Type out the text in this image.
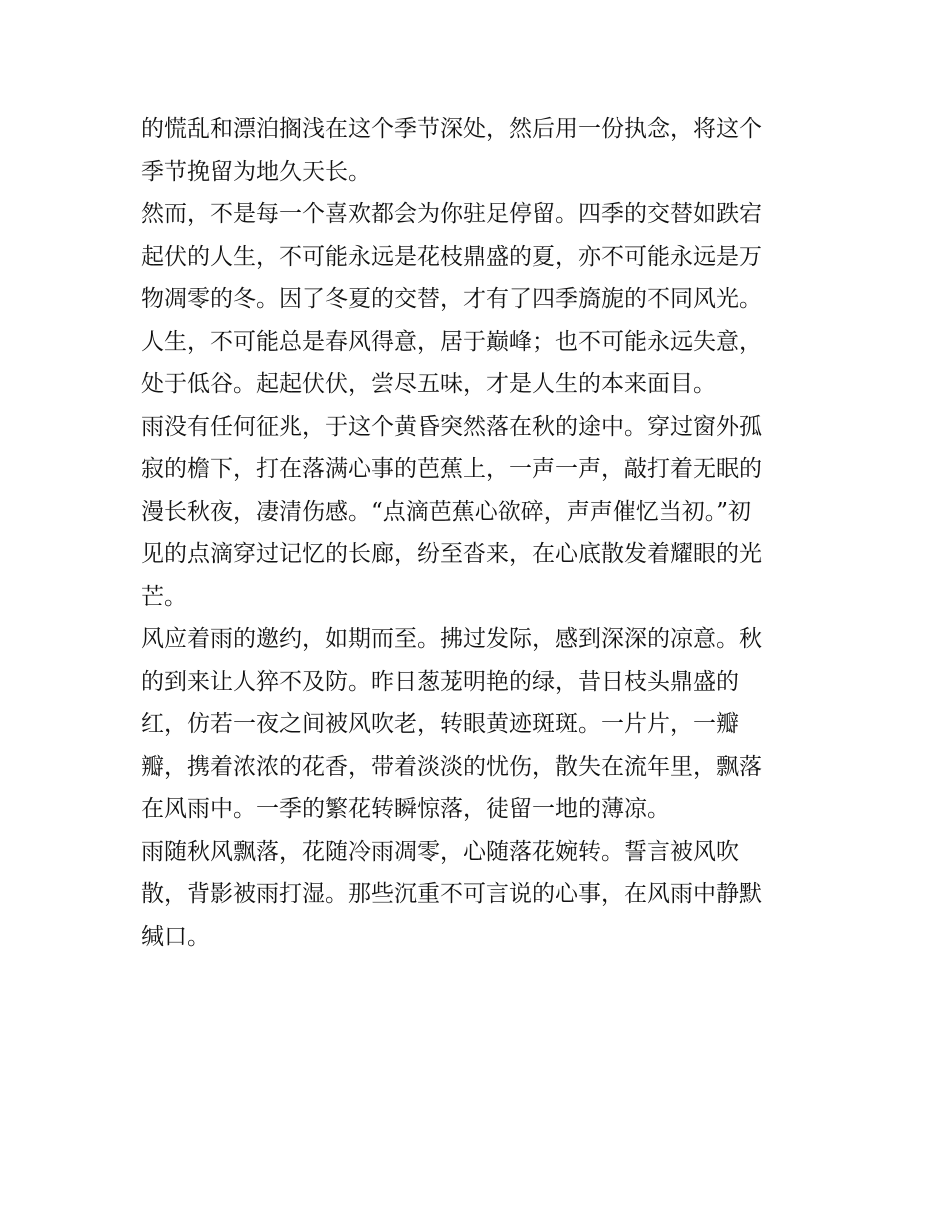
的慌乱和漂泊搁浅在这个季节深处，然后用一份执念，将这个
季节挽留为地久天长。
然而，不是每一个喜欢都会为你驻足停留。四季的交替如跌宕
起伏的人生，不可能永远是花枝鼎盛的夏，亦不可能永远是万
物凋零的冬。因了冬夏的交替，才有了四季旖旎的不同风光。
人生，不可能总是春风得意，居于巅峰；也不可能永远失意，
处于低谷。起起伏伏，尝尽五味，才是人生的本来面目。
雨没有任何征兆，于这个黄昏突然落在秋的途中。穿过窗外孤
寂的檐下，打在落满心事的芭蕉上，一声一声，敲打着无眠的
漫长秋夜，凄清伤感。“点滴芭蕉心欲碎，声声催忆当初。”初
见的点滴穿过记忆的长廊，纷至沓来，在心底散发着耀眼的光
芒。
风应着雨的邀约，如期而至。拂过发际，感到深深的凉意。秋
的到来让人猝不及防。昨日葱茏明艳的绿，昔日枝头鼎盛的
红，仿若一夜之间被风吹老，转眼黄迹斑斑。一片片，一瓣
瓣，携着浓浓的花香，带着淡淡的忧伤，散失在流年里，飘落
在风雨中。一季的繁花转瞬惊落，徒留一地的薄凉。
雨随秋风飘落，花随冷雨凋零，心随落花婉转。誓言被风吹
散，背影被雨打湿。那些沉重不可言说的心事，在风雨中静默
缄口。
